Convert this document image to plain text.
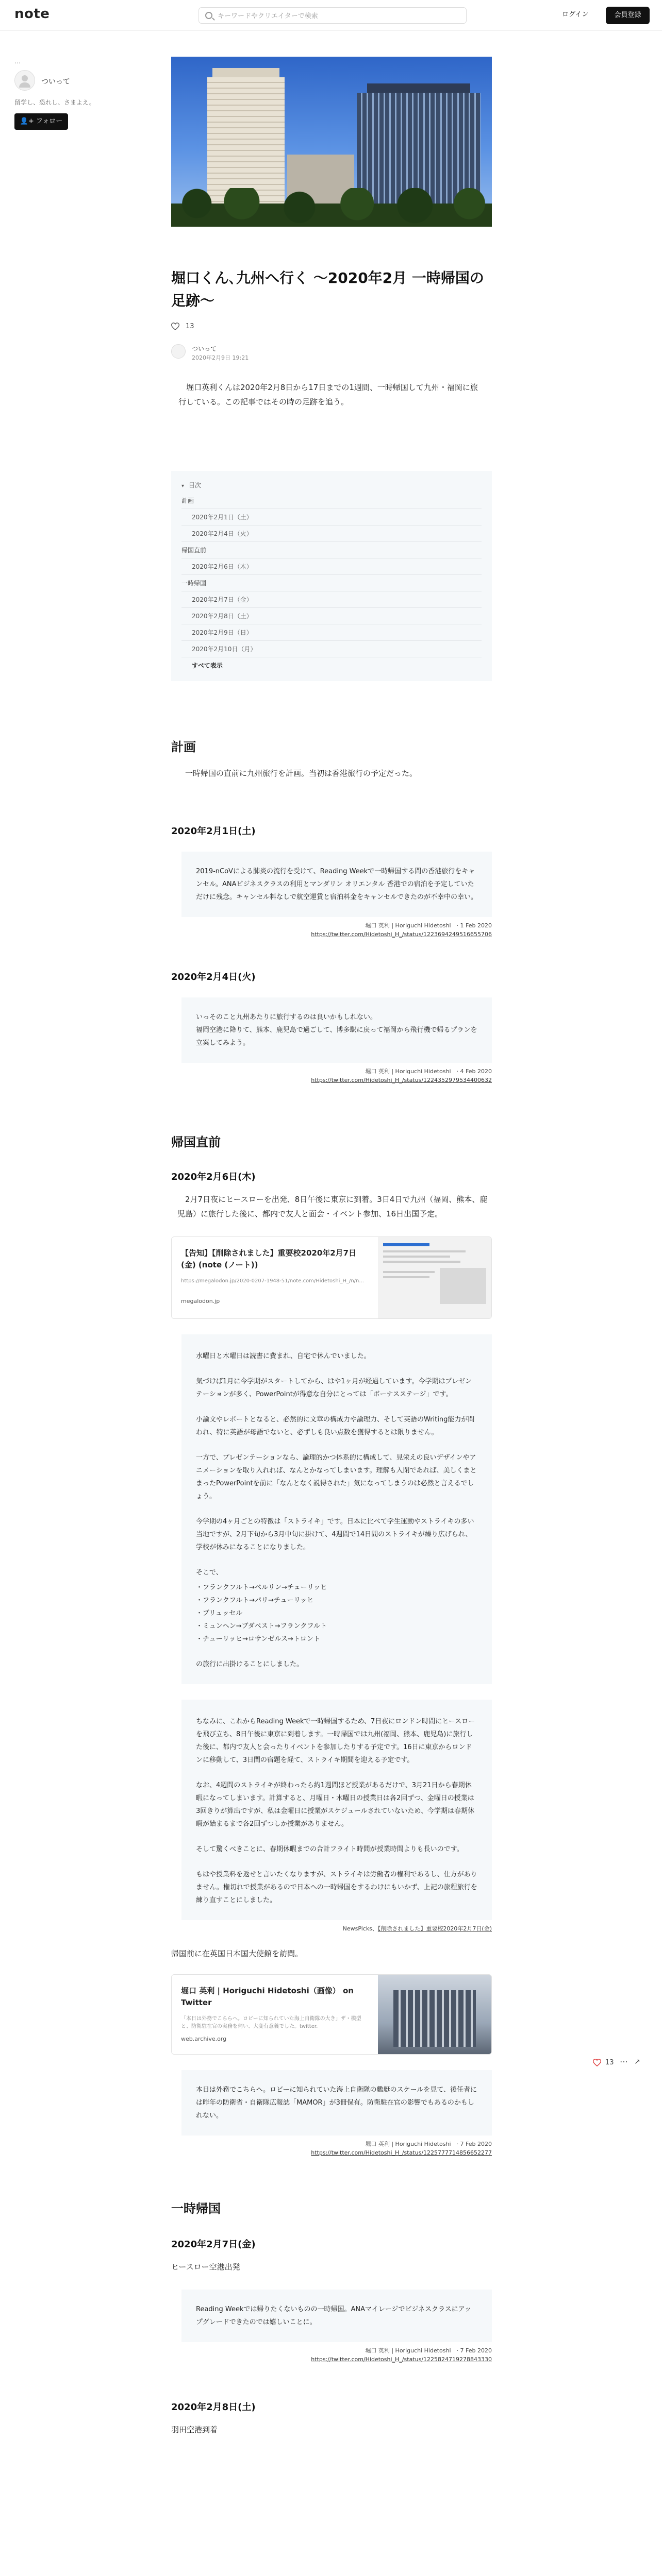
note
キーワードやクリエイターで検索	ログイン	会員登録
…
ついって
留学し、恐れし、さまよえ。
👤+ フォロー
堀口くん､九州へ行く 〜2020年2月 一時帰国の足跡〜
13
ついって
2020年2月9日 19:21

　堀口英利くんは2020年2月8日から17日までの1週間、一時帰国して九州・福岡に旅行している。この記事ではその時の足跡を追う。

▾ 目次
計画
2020年2月1日（土）
2020年2月4日（火）
帰国直前
2020年2月6日（木）
一時帰国
2020年2月7日（金）
2020年2月8日（土）
2020年2月9日（日）
2020年2月10日（月）
すべて表示
計画

　一時帰国の直前に九州旅行を計画。当初は香港旅行の予定だった。

2020年2月1日(土)

2019-nCoVによる肺炎の流行を受けて、Reading Weekで一時帰国する間の香港旅行をキャンセル。ANAビジネスクラスの利用とマンダリン オリエンタル 香港での宿泊を予定していただけに残念。キャンセル料なしで航空運賃と宿泊料金をキャンセルできたのが不幸中の幸い。

堀口 英利 | Horiguchi Hidetoshi　· 1 Feb 2020
https://twitter.com/Hidetoshi_H_/status/1223694249516655706
2020年2月4日(火)

いっそのこと九州あたりに旅行するのは良いかもしれない。
福岡空港に降りて、熊本、鹿児島で過ごして、博多駅に戻って福岡から飛行機で帰るプランを立案してみよう。

堀口 英利 | Horiguchi Hidetoshi　· 4 Feb 2020
https://twitter.com/Hidetoshi_H_/status/1224352979534400632
帰国直前
2020年2月6日(木)

　2月7日夜にヒースローを出発、8日午後に東京に到着。3日4日で九州（福岡、熊本、鹿児島）に旅行した後に、都内で友人と面会・イベント参加、16日出国予定。

【告知】【削除されました】重要校2020年2月7日(金) (note (ノート))
https://megalodon.jp/2020-0207-1948-51/note.com/Hidetoshi_H_/n/n...
megalodon.jp

水曜日と木曜日は読書に費まれ、自宅で休んでいました。

気づけば1月に今学期がスタートしてから、はや1ヶ月が経過しています。今学期はプレゼンテーションが多く、PowerPointが得意な自分にとっては「ボーナスステージ」です。

小論文やレポートとなると、必然的に文章の構成力や論理力、そして英語のWriting能力が問われ、特に英語が母語でないと、必ずしも良い点数を獲得するとは限りません。

一方で、プレゼンテーションなら、論理的かつ体系的に構成して、見栄えの良いデザインやアニメーションを取り入れれば、なんとかなってしまいます。理解も入閉であれば、美しくまとまったPowerPointを前に「なんとなく説得された」気になってしまうのは必然と言えるでしょう。

今学期の4ヶ月ごとの特徴は「ストライキ」です。日本に比べて学生運動やストライキの多い当地ですが、2月下旬から3月中旬に掛けて、4週間で14日間のストライキが繰り広げられ、学校が休みになることになりました。

そこで、

・フランクフルト→ベルリン→チューリッヒ

・フランクフルト→パリ→チューリッヒ

・ブリュッセル

・ミュンヘン→ブダペスト→フランクフルト

・チューリッヒ→ロサンゼルス→トロント

の旅行に出掛けることにしました。

ちなみに、これからReading Weekで一時帰国するため、7日夜にロンドン時間にヒースローを飛び立ち、8日午後に東京に到着します。一時帰国では九州(福岡、熊本、鹿児島)に旅行した後に、都内で友人と会ったりイベントを参加したりする予定です。16日に東京からロンドンに移動して、3日間の宿題を経て、ストライキ期間を迎える予定です。

なお、4週間のストライキが終わったら約1週間ほど授業があるだけで、3月21日から春期休暇になってしまいます。計算すると、月曜日・木曜日の授業日は各2回ずつ、金曜日の授業は3回きりが算出ですが、私は金曜日に授業がスケジュールされていないため、今学期は春期休暇が始まるまで各2回ずつしか授業がありません。

そして驚くべきことに、春期休暇までの合計フライト時間が授業時間よりも長いのです。

もはや授業料を返せと言いたくなりますが、ストライキは労働者の権利であるし、仕方がありません。権切れで授業があるので日本への一時帰国をするわけにもいかず、上記の旅程旅行を練り直すことにしました。

NewsPicks、【削除されました】重要校2020年2月7日(金)

帰国前に在英国日本国大使館を訪問。

堀口 英利 | Horiguchi Hidetoshi（画像） on Twitter
「本日は外務でこちらへ。ロビーに知られていた海上自衛隊の大き」ザ・模型と、防衛駐在官の実務を伺い、大変有意義でした。twitter.
web.archive.org

本日は外務でこちらへ。ロビーに知られていた海上自衛隊の艦艇のスケールを見て、後任者には昨年の防衛省・自衛隊広報誌「MAMOR」が3冊保有。防衛駐在官の影響でもあるのかもしれない。

堀口 英利 | Horiguchi Hidetoshi　· 7 Feb 2020
https://twitter.com/Hidetoshi_H_/status/1225777714856652277
一時帰国
2020年2月7日(金)

ヒースロー空港出発

Reading Weekでは帰りたくないものの一時帰国。ANAマイレージでビジネスクラスにアップグレードできたのでは嬉しいことに。

堀口 英利 | Horiguchi Hidetoshi　· 7 Feb 2020
https://twitter.com/Hidetoshi_H_/status/1225824719278843330
2020年2月8日(土)

羽田空港到着

13 ⋯ ↗
